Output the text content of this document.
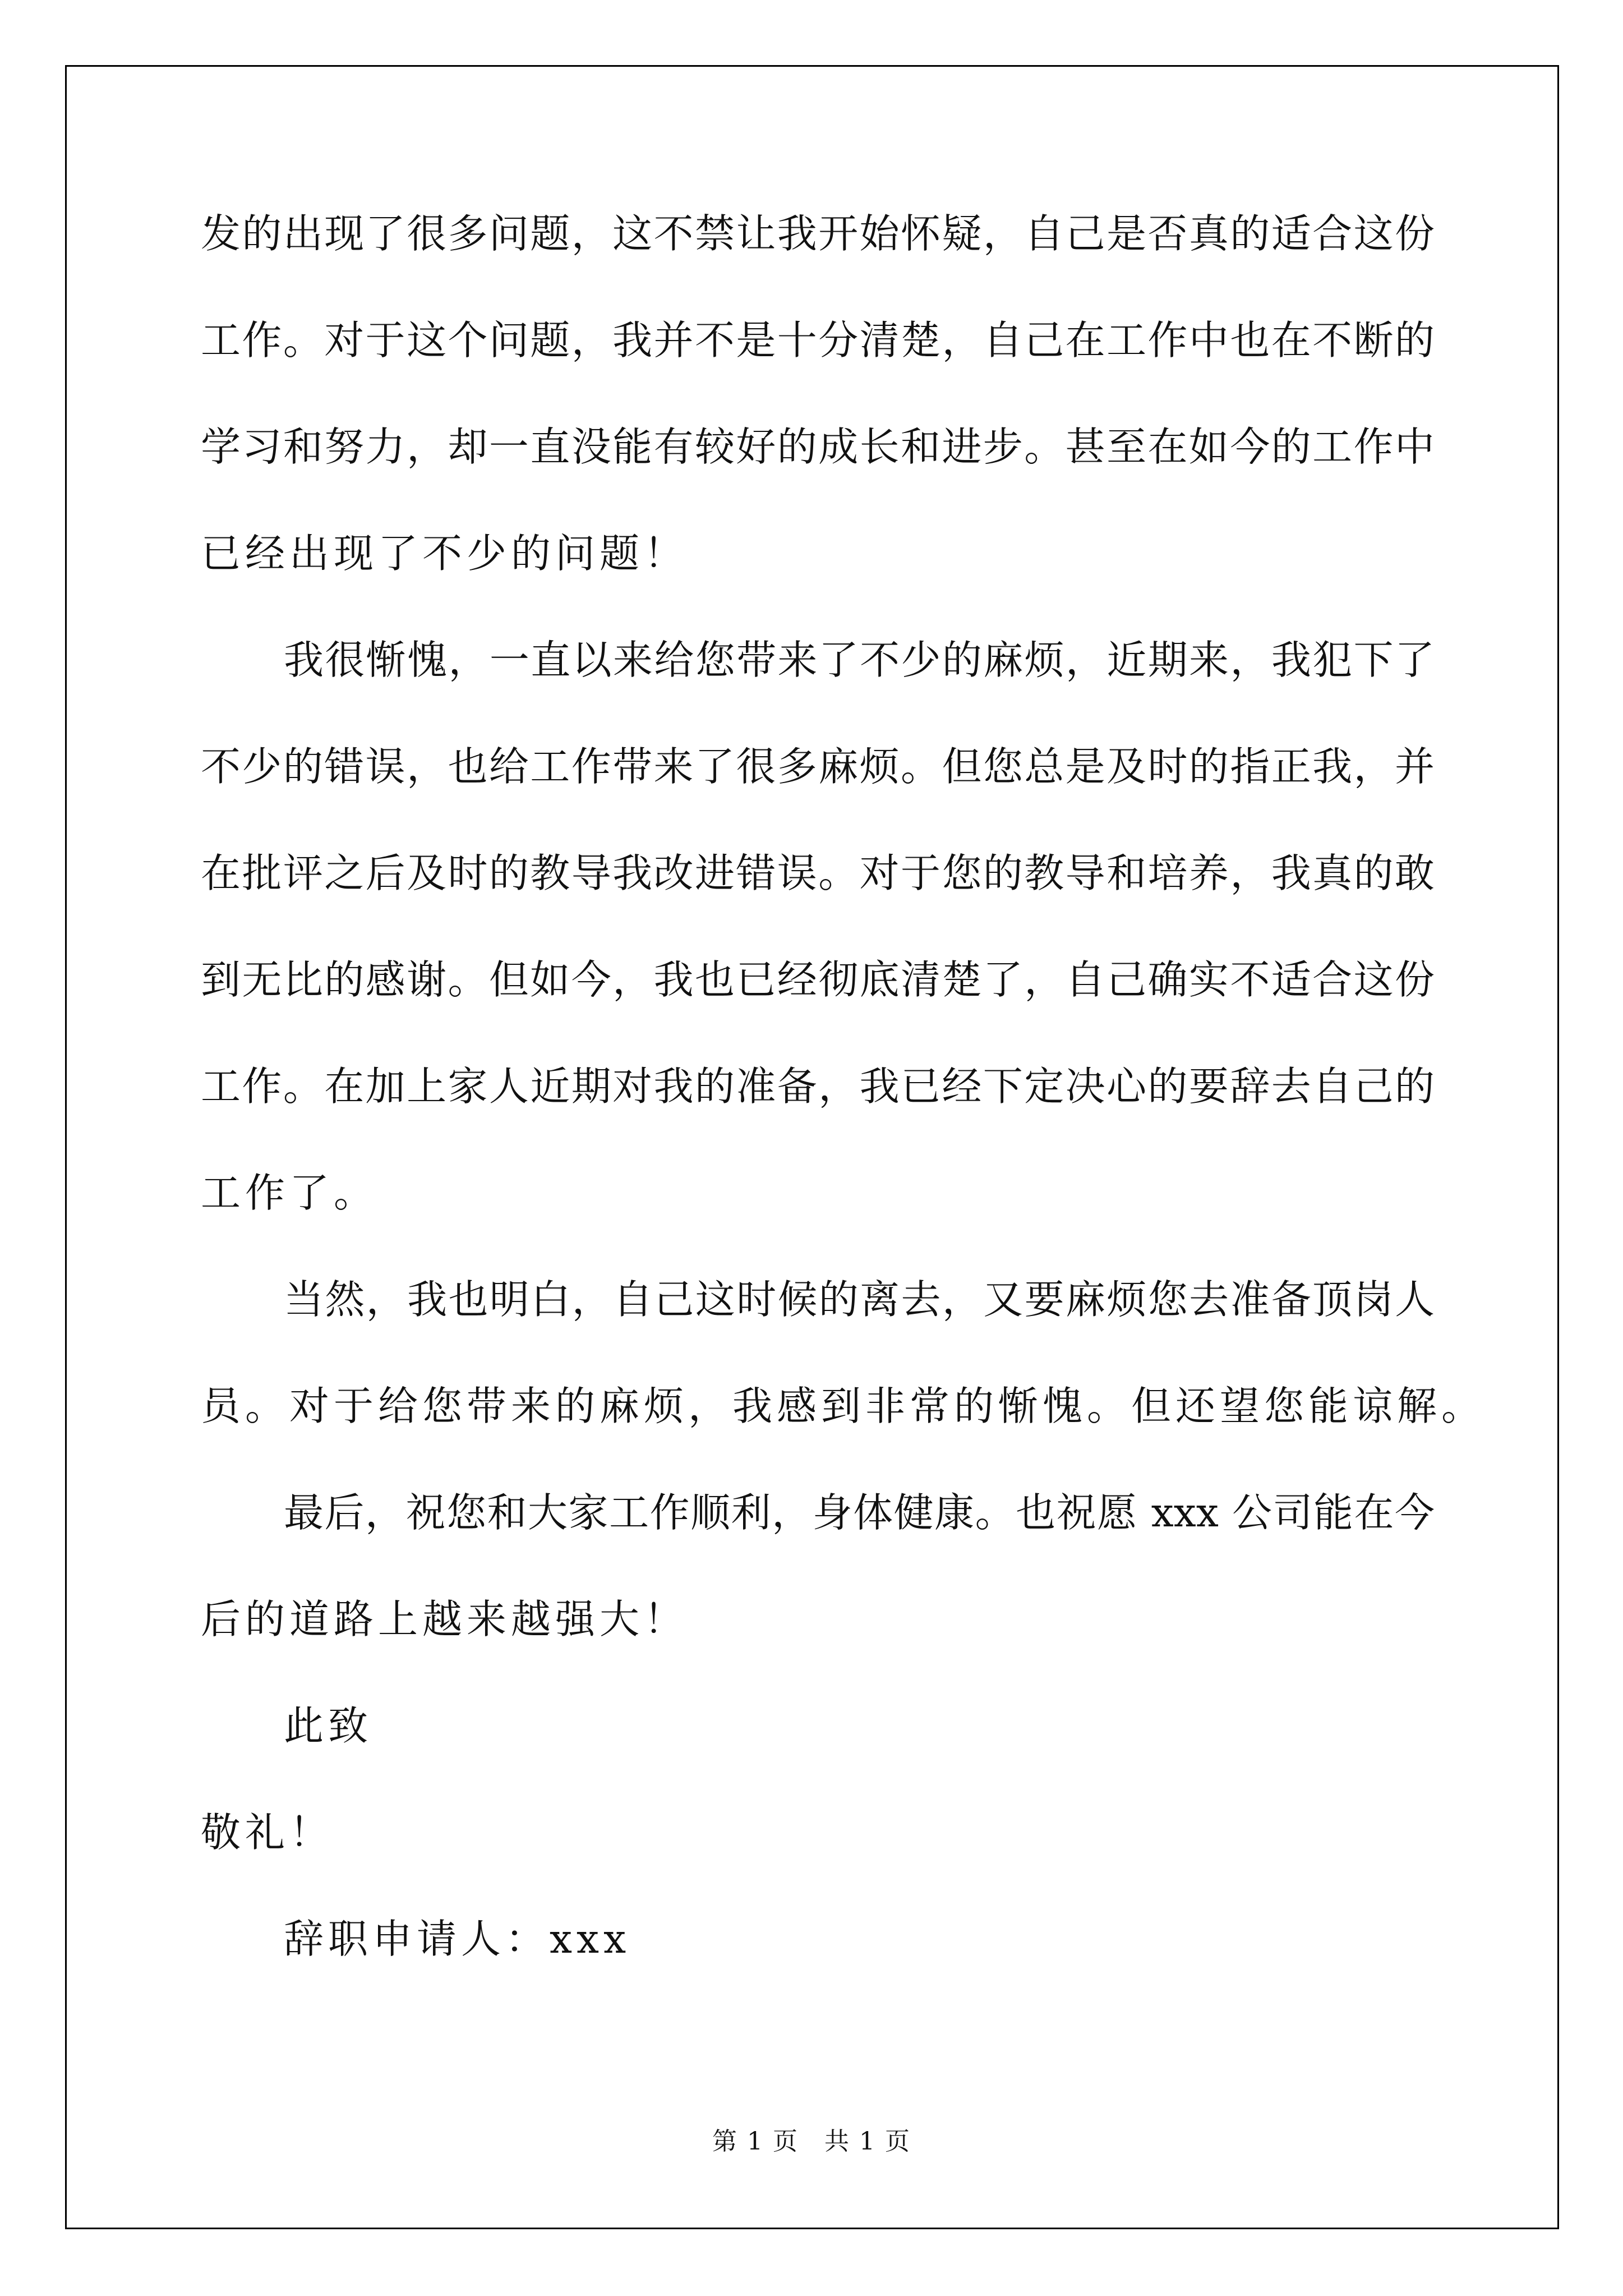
发的出现了很多问题，这不禁让我开始怀疑，自己是否真的适合这份
工作。对于这个问题，我并不是十分清楚，自己在工作中也在不断的
学习和努力，却一直没能有较好的成长和进步。甚至在如今的工作中
已经出现了不少的问题！
我很惭愧，一直以来给您带来了不少的麻烦，近期来，我犯下了
不少的错误，也给工作带来了很多麻烦。但您总是及时的指正我，并
在批评之后及时的教导我改进错误。对于您的教导和培养，我真的敢
到无比的感谢。但如今，我也已经彻底清楚了，自己确实不适合这份
工作。在加上家人近期对我的准备，我已经下定决心的要辞去自己的
工作了。
当然，我也明白，自己这时候的离去，又要麻烦您去准备顶岗人
员。对于给您带来的麻烦，我感到非常的惭愧。但还望您能谅解。
最后，祝您和大家工作顺利，身体健康。也祝愿 xxx 公司能在今
后的道路上越来越强大！
此致
敬礼！
辞职申请人：xxx
第 1 页　共 1 页
